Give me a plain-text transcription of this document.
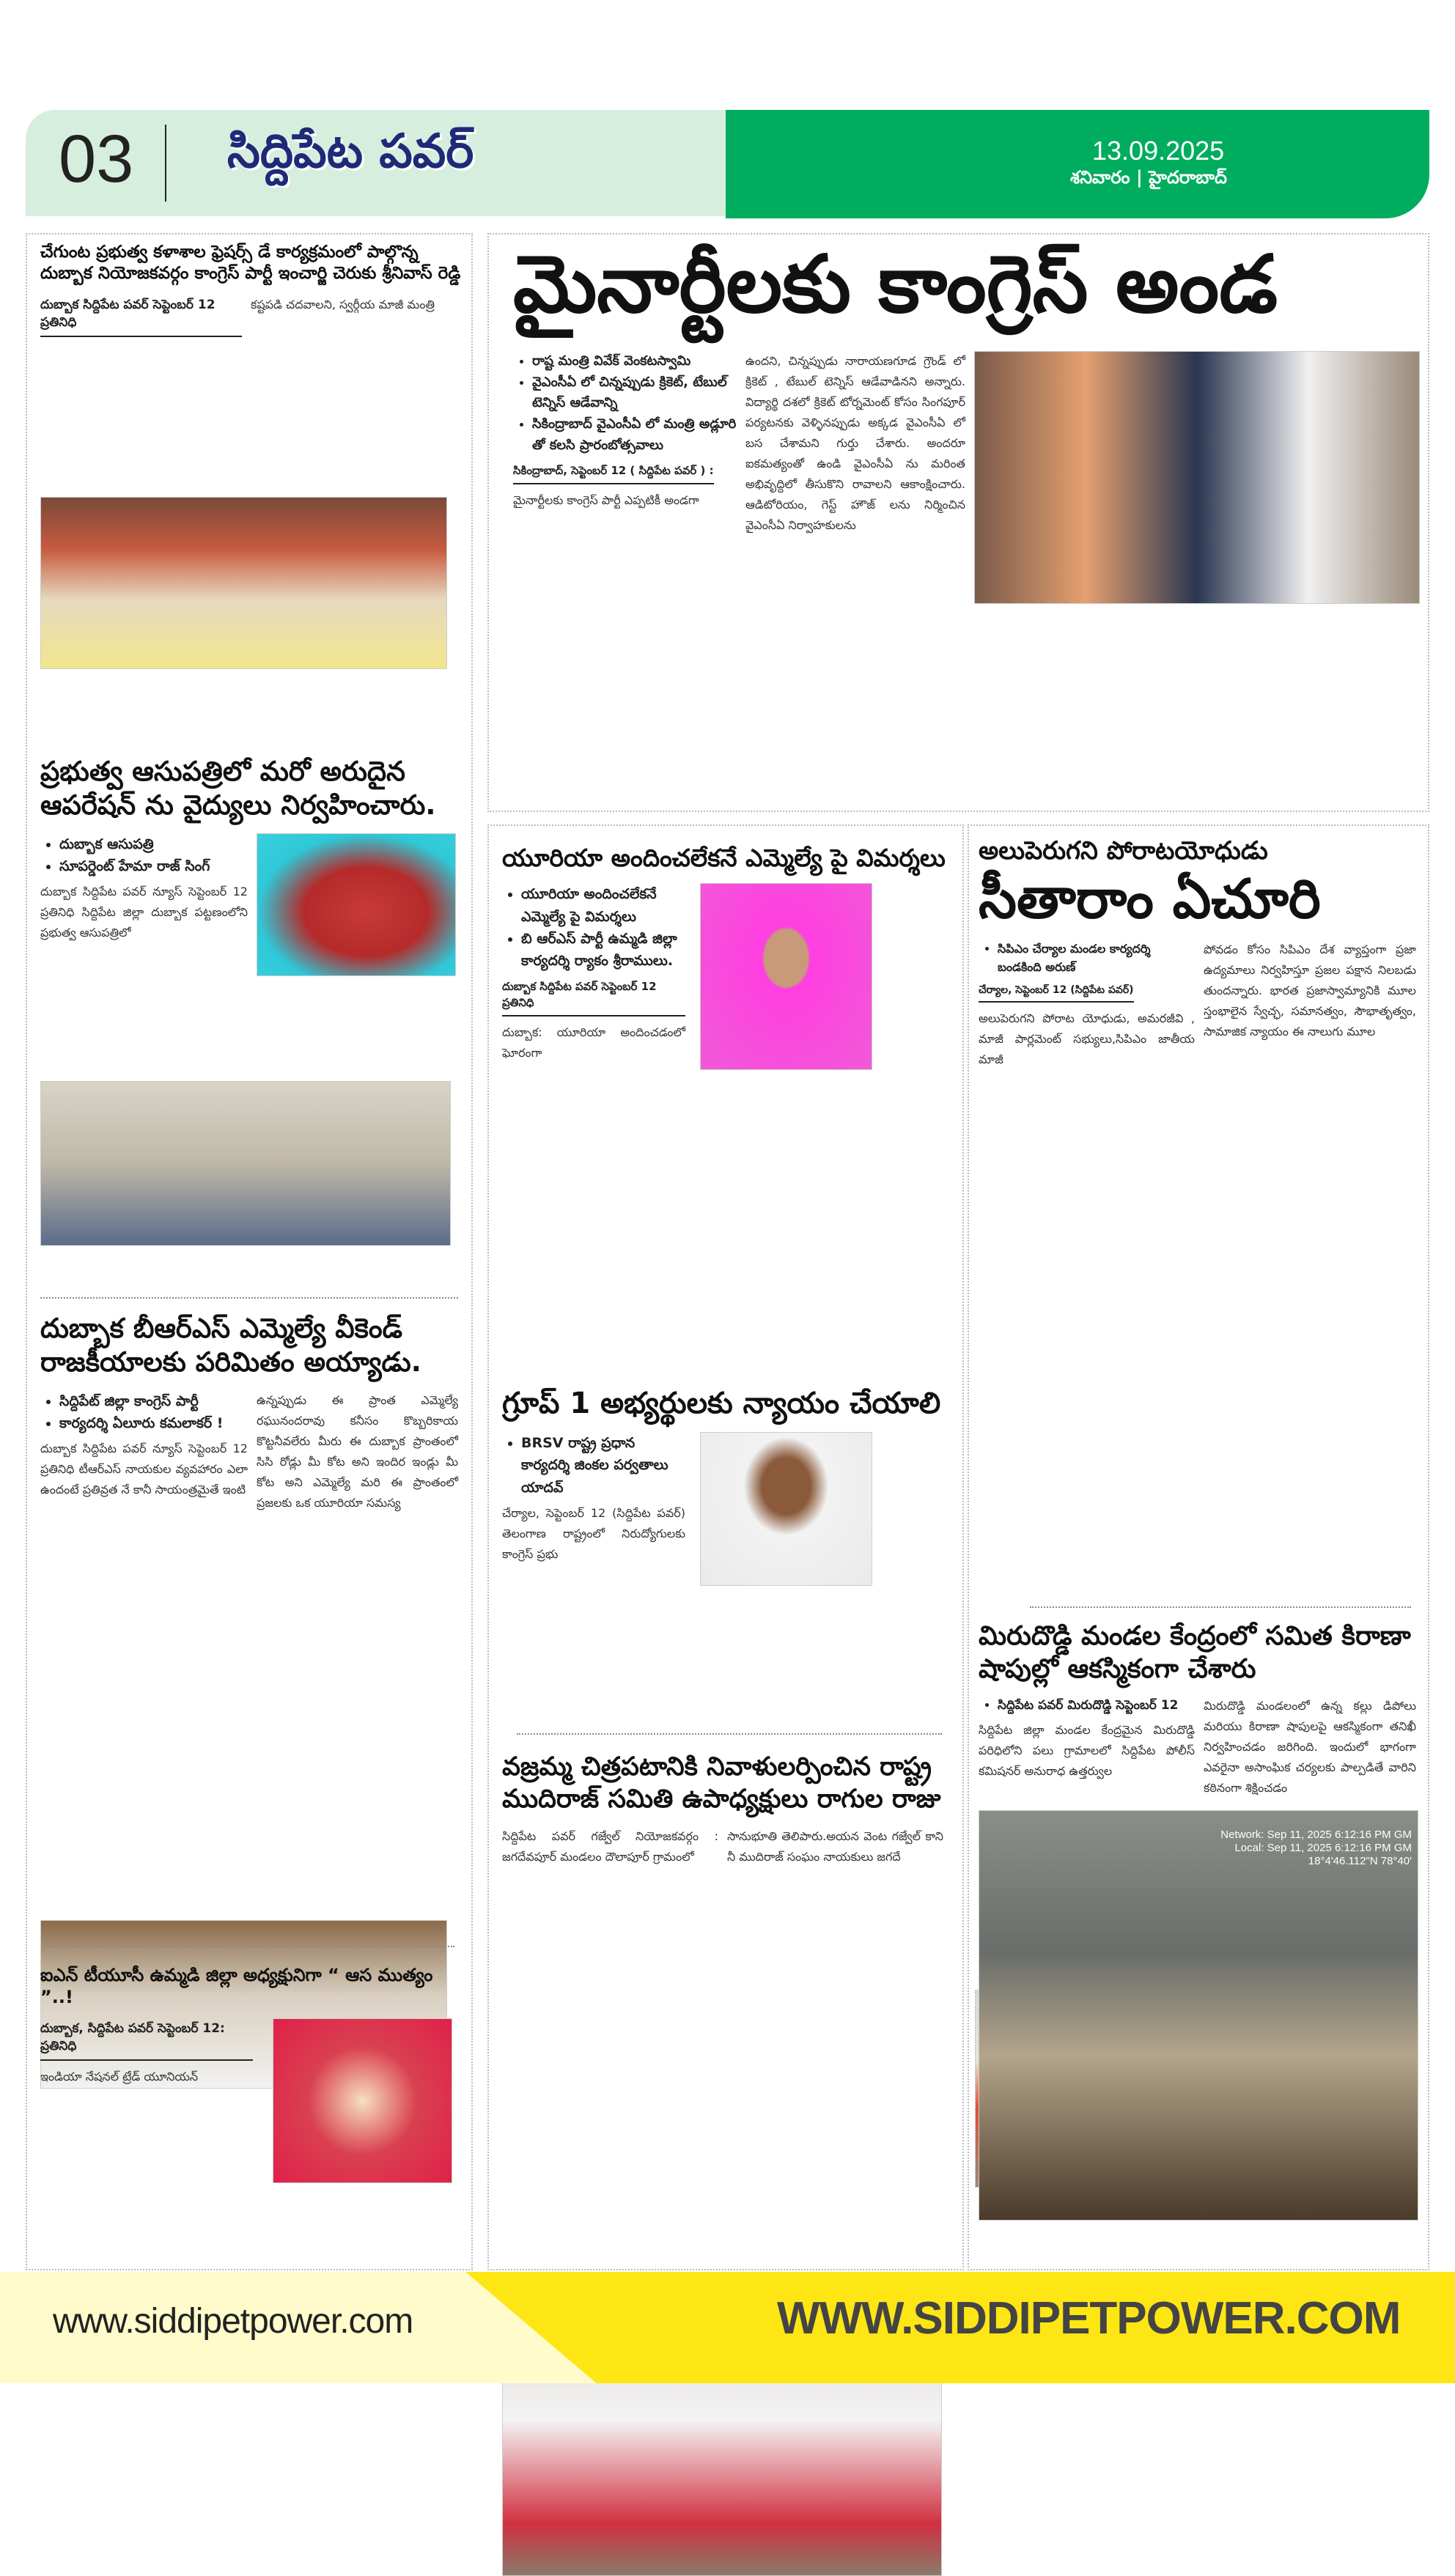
03 సిద్దిపేట పవర్	13.09.2025
శనివారం | హైదరాబాద్
చేగుంట ప్రభుత్వ కళాశాల ఫ్రెషర్స్ డే కార్యక్రమంలో పాల్గొన్న దుబ్బాక నియోజకవర్గం కాంగ్రెస్ పార్టీ ఇంచార్జి చెరుకు శ్రీనివాస్ రెడ్డి
దుబ్బాక సిద్దిపేట పవర్ సెప్టెంబర్ 12 ప్రతినిధి
కష్టపడి చదవాలని, స్వర్గీయ మాజీ మంత్రి
ప్రభుత్వ ఆసుపత్రిలో మరో అరుదైన ఆపరేషన్ ను వైద్యులు నిర్వహించారు.
• దుబ్బాక ఆసుపత్రి
• సూపర్డెంట్ హేమా రాజ్ సింగ్
దుబ్బాక సిద్దిపేట పవర్ న్యూస్ సెప్టెంబర్ 12 ప్రతినిధి సిద్దిపేట జిల్లా దుబ్బాక పట్టణంలోని ప్రభుత్వ ఆసుపత్రిలో
దుబ్బాక బీఆర్ఎస్ ఎమ్మెల్యే వీకెండ్ రాజకీయాలకు పరిమితం అయ్యాడు.
• సిద్దిపేట్ జిల్లా కాంగ్రెస్ పార్టీ
• కార్యదర్శి ఏలూరు కమలాకర్ !
దుబ్బాక సిద్దిపేట పవర్ న్యూస్ సెప్టెంబర్ 12 ప్రతినిధి టీఆర్ఎస్ నాయకుల వ్యవహారం ఎలా ఉందంటే ప్రతివ్రత నే కానీ సాయంత్రమైతే ఇంటి
ఉన్నప్పుడు ఈ ప్రాంత ఎమ్మెల్యే రఘునందరావు కనీసం కొబ్బరికాయ కొట్టనీవలేరు మీరు ఈ దుబ్బాక ప్రాంతంలో సిసి రోడ్లు మీ కోట అని ఇందిర ఇండ్లు మీ కోట అని ఎమ్మెల్యే మరి ఈ ప్రాంతంలో ప్రజలకు ఒక యూరియా సమస్య
ఐఎన్ టీయూసీ ఉమ్మడి జిల్లా అధ్యక్షునిగా “ ఆస ముత్యం ”..!
దుబ్బాక, సిద్దిపేట పవర్ సెప్టెంబర్ 12: ప్రతినిధి
ఇండియా నేషనల్ ట్రేడ్ యూనియన్
మైనార్టీలకు కాంగ్రెస్ అండ
• రాష్ట మంత్రి వివేక్ వెంకటస్వామి
• వైఎంసీఏ లో చిన్నప్పుడు క్రికెట్, టేబుల్ టెన్నిస్ ఆడేవాన్ని
• సికింద్రాబాద్ వైఎంసీఏ లో మంత్రి అడ్లూరి తో కలసి ప్రారంబోత్సవాలు
సికింద్రాబాద్, సెప్టెంబర్ 12 ( సిద్దిపేట పవర్ ) :
మైనార్టీలకు కాంగ్రెస్ పార్టీ ఎప్పటికీ అండగా
ఉందని, చిన్నప్పుడు నారాయణగూడ గ్రౌండ్ లో క్రికెట్ , టేబుల్ టెన్నిస్ ఆడేవాడినని అన్నారు. విద్యార్థి దశలో క్రికెట్ టోర్నమెంట్ కోసం సింగపూర్ పర్యటనకు వెళ్ళినప్పుడు అక్కడ వైఎంసీఏ లో బస చేశామని గుర్తు చేశారు. అందరూ ఐకమత్యంతో ఉండి వైఎంసీఏ ను మరింత అభివృద్దిలో తీసుకొని రావాలని ఆకాంక్షించారు. ఆడిటోరియం, గెస్ట్ హౌజ్ లను నిర్మించిన వైఎంసీఏ నిర్వాహకులను
యూరియా అందించలేకనే ఎమ్మెల్యే పై విమర్శలు
• యూరియా అందించలేకనే ఎమ్మెల్యే పై విమర్శలు
• బి ఆర్ఎస్ పార్టీ ఉమ్మడి జిల్లా కార్యదర్శి ర్యాకం శ్రీరాములు.
దుబ్బాక సిద్దిపేట పవర్ సెప్టెంబర్ 12 ప్రతినిధి
దుబ్బాక: యూరియా అందించడంలో ఘోరంగా
గ్రూప్ 1 అభ్యర్థులకు న్యాయం చేయాలి
• BRSV రాష్ట్ర ప్రధాన కార్యదర్శి జింకల పర్వతాలు యాదవ్
చేర్యాల, సెప్టెంబర్ 12 (సిద్దిపేట పవర్) తెలంగాణ రాష్ట్రంలో నిరుద్యోగులకు కాంగ్రెస్ ప్రభు
వజ్రమ్మ చిత్రపటానికి నివాళులర్పించిన రాష్ట్ర ముదిరాజ్ సమితి ఉపాధ్యక్షులు రాగుల రాజు
సిద్దిపేట పవర్ గజ్వేల్ నియోజకవర్గం : జగదేవపూర్ మండలం దౌలాపూర్ గ్రామంలో
సానుభూతి తెలిపారు.అయన వెంట గజ్వేల్ కాని నీ ముదిరాజ్ సంఘం నాయకులు జగదే
అలుపెరుగని పోరాటయోధుడు
సీతారాం ఏచూరి
• సిపిఎం చేర్యాల మండల కార్యదర్శి బండకింది అరుణ్
చేర్యాల, సెప్టెంబర్ 12 (సిద్దిపేట పవర్)
అలుపెరుగని పోరాట యోధుడు, అమరజీవి , మాజీ పార్లమెంట్ సభ్యులు,సిపిఎం జాతీయ మాజీ
పోవడం కోసం సిపిఎం దేశ వ్యాప్తంగా ప్రజా ఉద్యమాలు నిర్వహిస్తూ ప్రజల పక్షాన నిలబడు తుందన్నారు. భారత ప్రజాస్వామ్యానికి మూల స్తంభాలైన స్వేచ్ఛ, సమానత్వం, సౌభాతృత్వం, సామాజిక న్యాయం ఈ నాలుగు మూల
మిరుదొడ్డి మండల కేంద్రంలో సమిత కిరాణా షాపుల్లో ఆకస్మికంగా చేశారు
• సిద్దిపేట పవర్ మిరుదొడ్డి సెప్టెంబర్ 12
సిద్దిపేట జిల్లా మండల కేంద్రమైన మిరుదొడ్డి పరిధిలోని పలు గ్రామాలలో సిద్దిపేట పోలీస్ కమిషనర్ అనురాధ ఉత్తర్వుల
మిరుదొడ్డి మండలంలో ఉన్న కల్లు డిపోలు మరియు కిరాణా షాపులపై ఆకస్మికంగా తనిఖీ నిర్వహించడం జరిగింది. ఇందులో భాగంగా ఎవరైనా అసాంఘిక చర్యలకు పాల్పడితే వారిని కఠినంగా శిక్షించడం
Network: Sep 11, 2025 6:12:16 PM GM
Local: Sep 11, 2025 6:12:16 PM GM
18°4'46.112"N 78°40'
www.siddipetpower.com	WWW.SIDDIPETPOWER.COM
